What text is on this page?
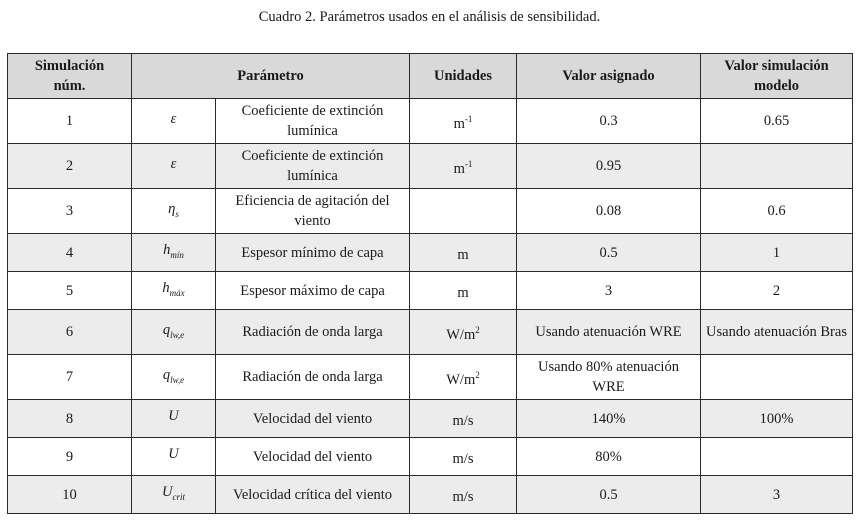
Cuadro 2. Parámetros usados en el análisis de sensibilidad.
Simulación núm.	Parámetro		Unidades	Valor asignado	Valor simulación modelo
1	ε	Coeficiente de extinción lumínica	$m^{-1}$	0.3	0.65
2	ε	Coeficiente de extinción lumínica	$m^{-1}$	0.95	
3	$\eta_s$	Eficiencia de agitación del viento		0.08	0.6
4	$h_{mín}$	Espesor mínimo de capa	m	0.5	1
5	$h_{máx}$	Espesor máximo de capa	m	3	2
6	$q_{lw,e}$	Radiación de onda larga	$W/m^2$	Usando atenuación WRE	Usando atenuación Bras
7	$q_{lw,e}$	Radiación de onda larga	$W/m^2$	Usando 80% atenuación WRE	
8	U	Velocidad del viento	m/s	140%	100%
9	U	Velocidad del viento	m/s	80%	
10	$U_{crit}$	Velocidad crítica del viento	m/s	0.5	3
